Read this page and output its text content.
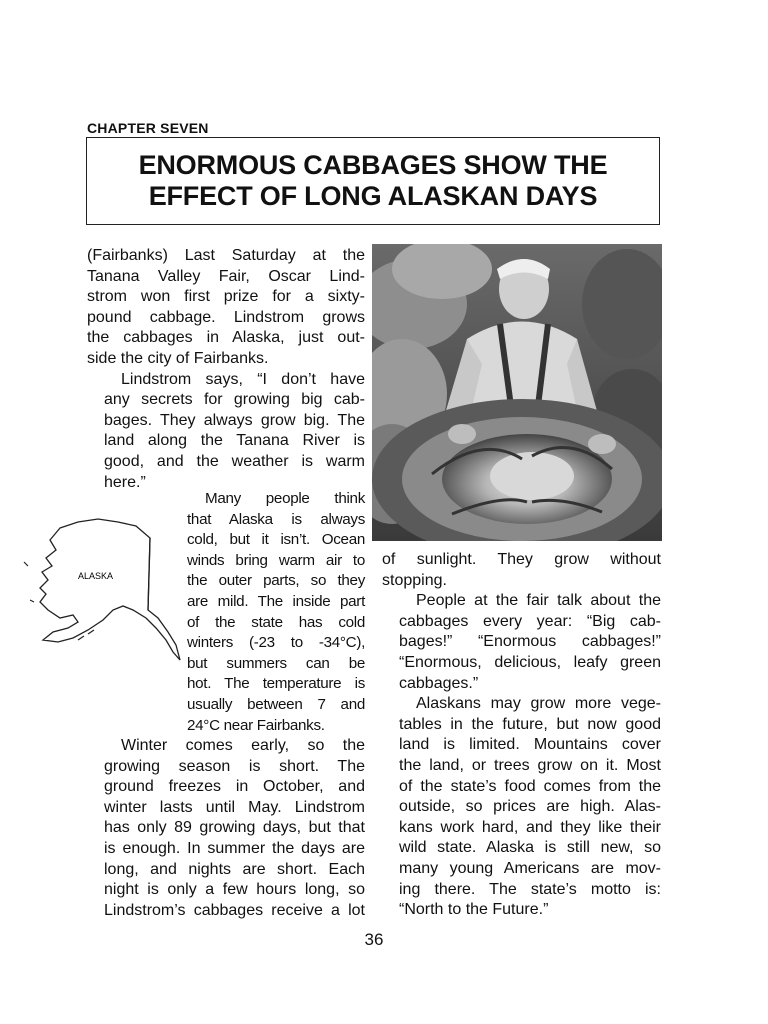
CHAPTER SEVEN
ENORMOUS CABBAGES SHOW THE
EFFECT OF LONG ALASKAN DAYS
ALASKA

(Fairbanks) Last Saturday at the
Tanana Valley Fair, Oscar Lind-
strom won first prize for a sixty-
pound cabbage. Lindstrom grows
the cabbages in Alaska, just out-
side the city of Fairbanks.

Lindstrom says, “I don’t have
any secrets for growing big cab-
bages. They always grow big. The
land along the Tanana River is
good, and the weather is warm
here.”

Many people think
that Alaska is always
cold, but it isn’t. Ocean
winds bring warm air to
the outer parts, so they
are mild. The inside part
of the state has cold
winters (-23 to -34°C),
but summers can be
hot. The temperature is
usually between 7 and
24°C near Fairbanks.

Winter comes early, so the
growing season is short. The
ground freezes in October, and
winter lasts until May. Lindstrom
has only 89 growing days, but that
is enough. In summer the days are
long, and nights are short. Each
night is only a few hours long, so
Lindstrom’s cabbages receive a lot

of sunlight. They grow without
stopping.

People at the fair talk about the
cabbages every year: “Big cab-
bages!” “Enormous cabbages!”
“Enormous, delicious, leafy green
cabbages.”

Alaskans may grow more vege-
tables in the future, but now good
land is limited. Mountains cover
the land, or trees grow on it. Most
of the state’s food comes from the
outside, so prices are high. Alas-
kans work hard, and they like their
wild state. Alaska is still new, so
many young Americans are mov-
ing there. The state’s motto is:
“North to the Future.”

36
